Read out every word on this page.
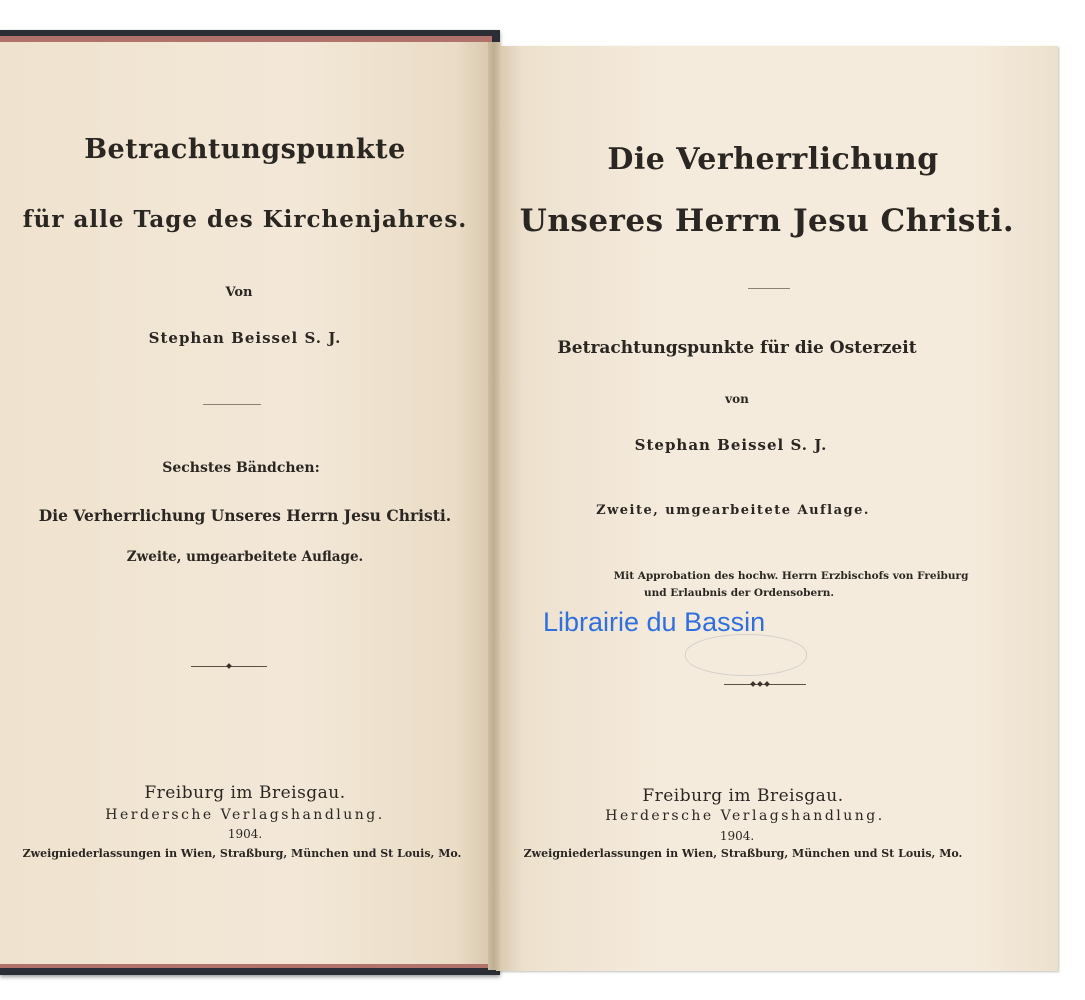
Betrachtungspunkte
für alle Tage des Kirchenjahres.
Von
Stephan Beissel S. J.
Sechstes Bändchen:
Die Verherrlichung Unseres Herrn Jesu Christi.
Zweite, umgearbeitete Auflage.
Freiburg im Breisgau.
Herdersche Verlagshandlung.
1904.
Zweigniederlassungen in Wien, Straßburg, München und St Louis, Mo.
Die Verherrlichung
Unseres Herrn Jesu Christi.
Betrachtungspunkte für die Osterzeit
von
Stephan Beissel S. J.
Zweite, umgearbeitete Auflage.
Mit Approbation des hochw. Herrn Erzbischofs von Freiburg
und Erlaubnis der Ordensobern.
Freiburg im Breisgau.
Herdersche Verlagshandlung.
1904.
Zweigniederlassungen in Wien, Straßburg, München und St Louis, Mo.
Librairie du Bassin
